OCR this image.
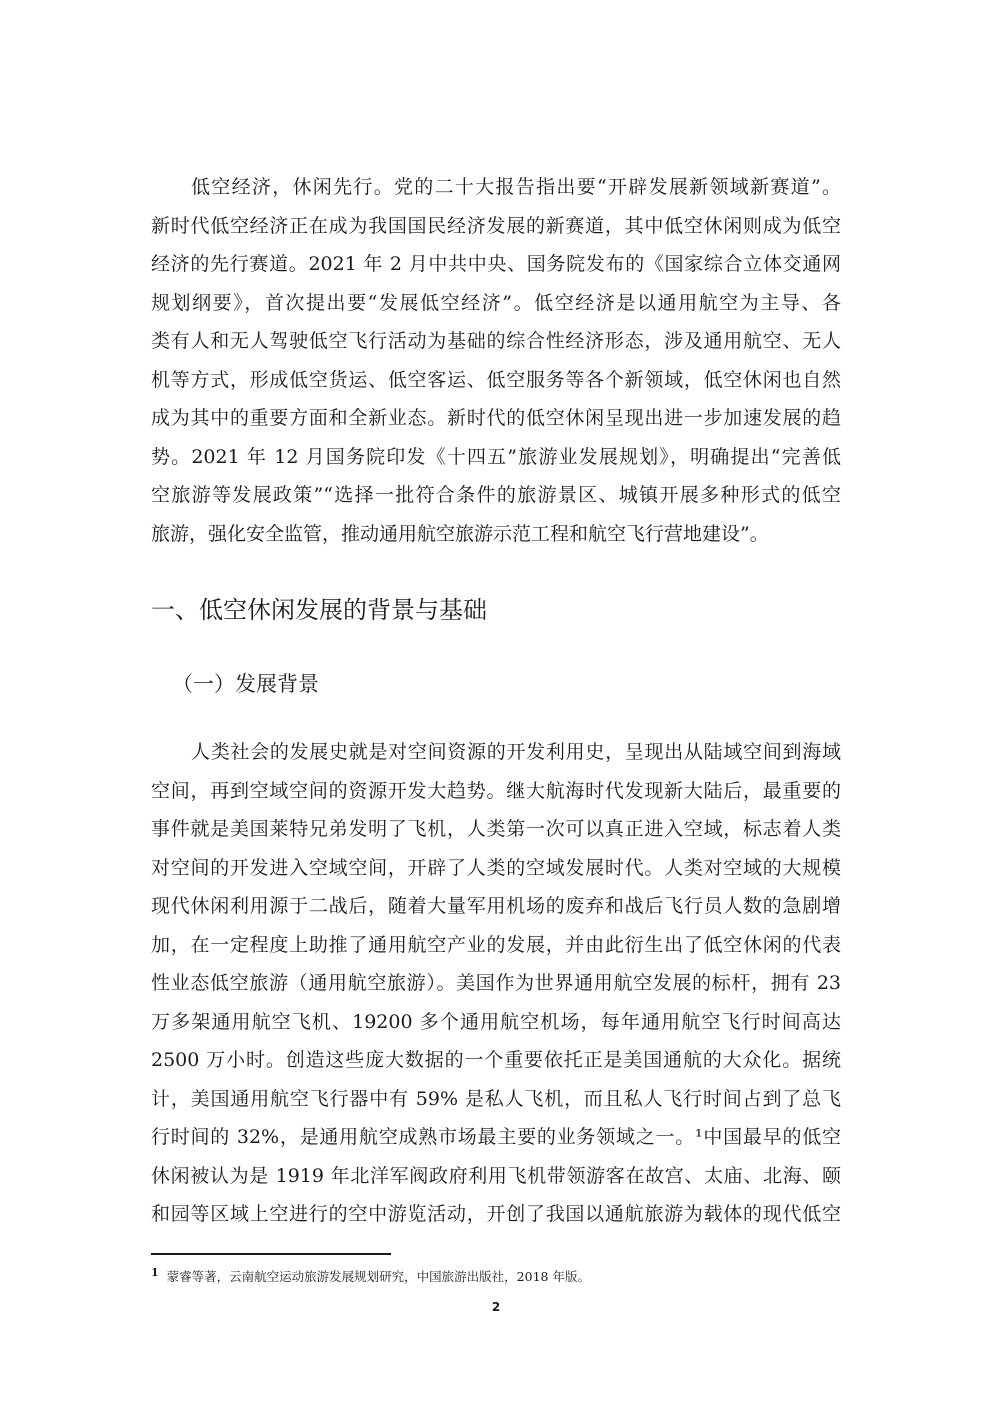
低空经济，休闲先行。党的二十大报告指出要“开辟发展新领域新赛道”。
新时代低空经济正在成为我国国民经济发展的新赛道，其中低空休闲则成为低空
经济的先行赛道。2021 年 2 月中共中央、国务院发布的《国家综合立体交通网
规划纲要》，首次提出要“发展低空经济”。低空经济是以通用航空为主导、各
类有人和无人驾驶低空飞行活动为基础的综合性经济形态，涉及通用航空、无人
机等方式，形成低空货运、低空客运、低空服务等各个新领域，低空休闲也自然
成为其中的重要方面和全新业态。新时代的低空休闲呈现出进一步加速发展的趋
势。2021 年 12 月国务院印发《十四五”旅游业发展规划》，明确提出“完善低
空旅游等发展政策”“选择一批符合条件的旅游景区、城镇开展多种形式的低空
旅游，强化安全监管，推动通用航空旅游示范工程和航空飞行营地建设”。
一、低空休闲发展的背景与基础
（一）发展背景
人类社会的发展史就是对空间资源的开发利用史，呈现出从陆域空间到海域
空间，再到空域空间的资源开发大趋势。继大航海时代发现新大陆后，最重要的
事件就是美国莱特兄弟发明了飞机，人类第一次可以真正进入空域，标志着人类
对空间的开发进入空域空间，开辟了人类的空域发展时代。人类对空域的大规模
现代休闲利用源于二战后，随着大量军用机场的废弃和战后飞行员人数的急剧增
加，在一定程度上助推了通用航空产业的发展，并由此衍生出了低空休闲的代表
性业态低空旅游（通用航空旅游）。美国作为世界通用航空发展的标杆，拥有 23
万多架通用航空飞机、19200 多个通用航空机场，每年通用航空飞行时间高达
2500 万小时。创造这些庞大数据的一个重要依托正是美国通航的大众化。据统
计，美国通用航空飞行器中有 59% 是私人飞机，而且私人飞行时间占到了总飞
行时间的 32%，是通用航空成熟市场最主要的业务领域之一。¹中国最早的低空
休闲被认为是 1919 年北洋军阀政府利用飞机带领游客在故宫、太庙、北海、颐
和园等区域上空进行的空中游览活动，开创了我国以通航旅游为载体的现代低空
$^1$ 蒙睿等著，云南航空运动旅游发展规划研究，中国旅游出版社，2018 年版。
2
